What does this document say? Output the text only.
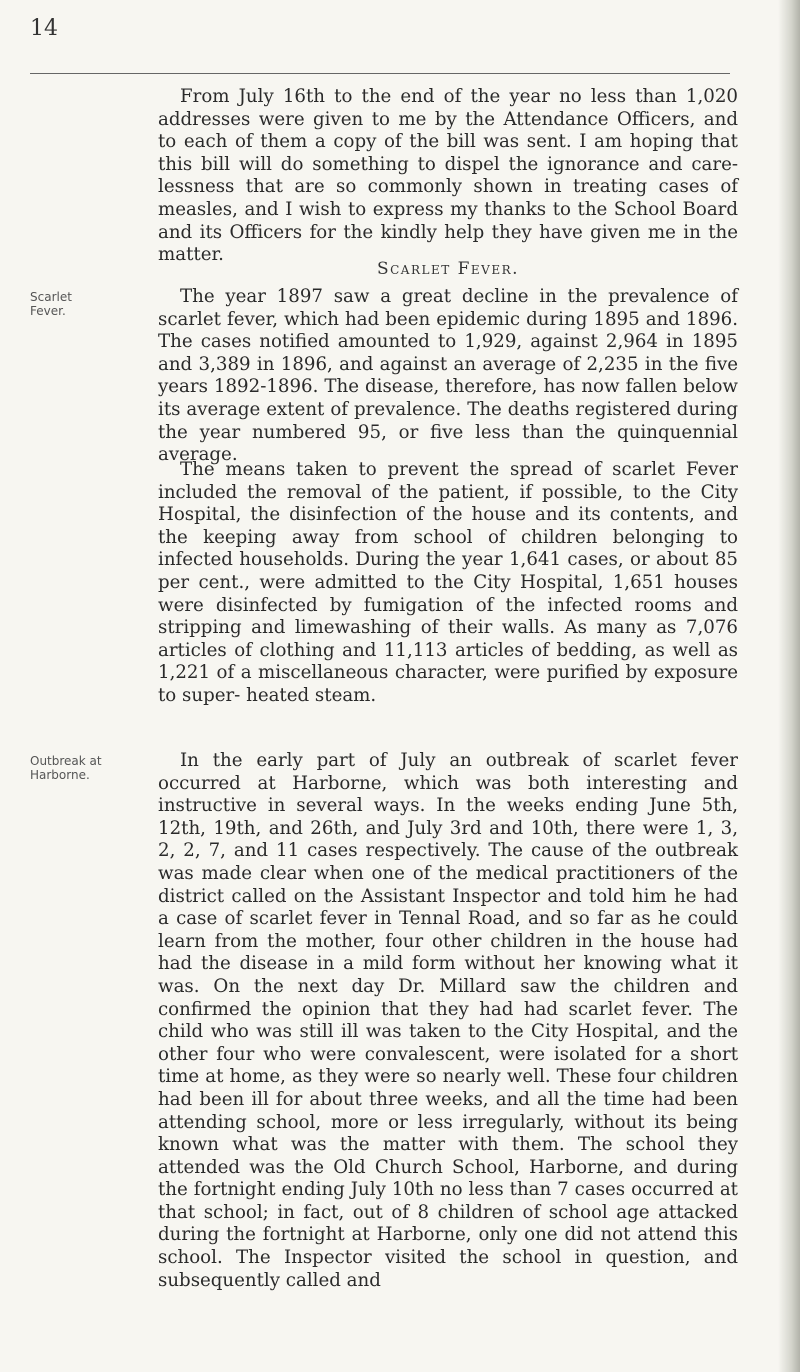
14

From July 16th to the end of the year no less than 1,020 addresses were given to me by the Attendance Officers, and to each of them a copy of the bill was sent. I am hoping that this bill will do something to dispel the ignorance and care- lessness that are so commonly shown in treating cases of measles, and I wish to express my thanks to the School Board and its Officers for the kindly help they have given me in the matter.

Scarlet Fever.
Scarlet Fever.

The year 1897 saw a great decline in the prevalence of scarlet fever, which had been epidemic during 1895 and 1896. The cases notified amounted to 1,929, against 2,964 in 1895 and 3,389 in 1896, and against an average of 2,235 in the five years 1892-1896. The disease, therefore, has now fallen below its average extent of prevalence. The deaths registered during the year numbered 95, or five less than the quinquennial average.

The means taken to prevent the spread of scarlet Fever included the removal of the patient, if possible, to the City Hospital, the disinfection of the house and its contents, and the keeping away from school of children belonging to infected households. During the year 1,641 cases, or about 85 per cent., were admitted to the City Hospital, 1,651 houses were disinfected by fumigation of the infected rooms and stripping and limewashing of their walls. As many as 7,076 articles of clothing and 11,113 articles of bedding, as well as 1,221 of a miscellaneous character, were purified by exposure to super- heated steam.

Outbreak at
Harborne.

In the early part of July an outbreak of scarlet fever occurred at Harborne, which was both interesting and instructive in several ways. In the weeks ending June 5th, 12th, 19th, and 26th, and July 3rd and 10th, there were 1, 3, 2, 2, 7, and 11 cases respectively. The cause of the outbreak was made clear when one of the medical practitioners of the district called on the Assistant Inspector and told him he had a case of scarlet fever in Tennal Road, and so far as he could learn from the mother, four other children in the house had had the disease in a mild form without her knowing what it was. On the next day Dr. Millard saw the children and confirmed the opinion that they had had scarlet fever. The child who was still ill was taken to the City Hospital, and the other four who were convalescent, were isolated for a short time at home, as they were so nearly well. These four children had been ill for about three weeks, and all the time had been attending school, more or less irregularly, without its being known what was the matter with them. The school they attended was the Old Church School, Harborne, and during the fortnight ending July 10th no less than 7 cases occurred at that school; in fact, out of 8 children of school age attacked during the fortnight at Harborne, only one did not attend this school. The Inspector visited the school in question, and subsequently called and
